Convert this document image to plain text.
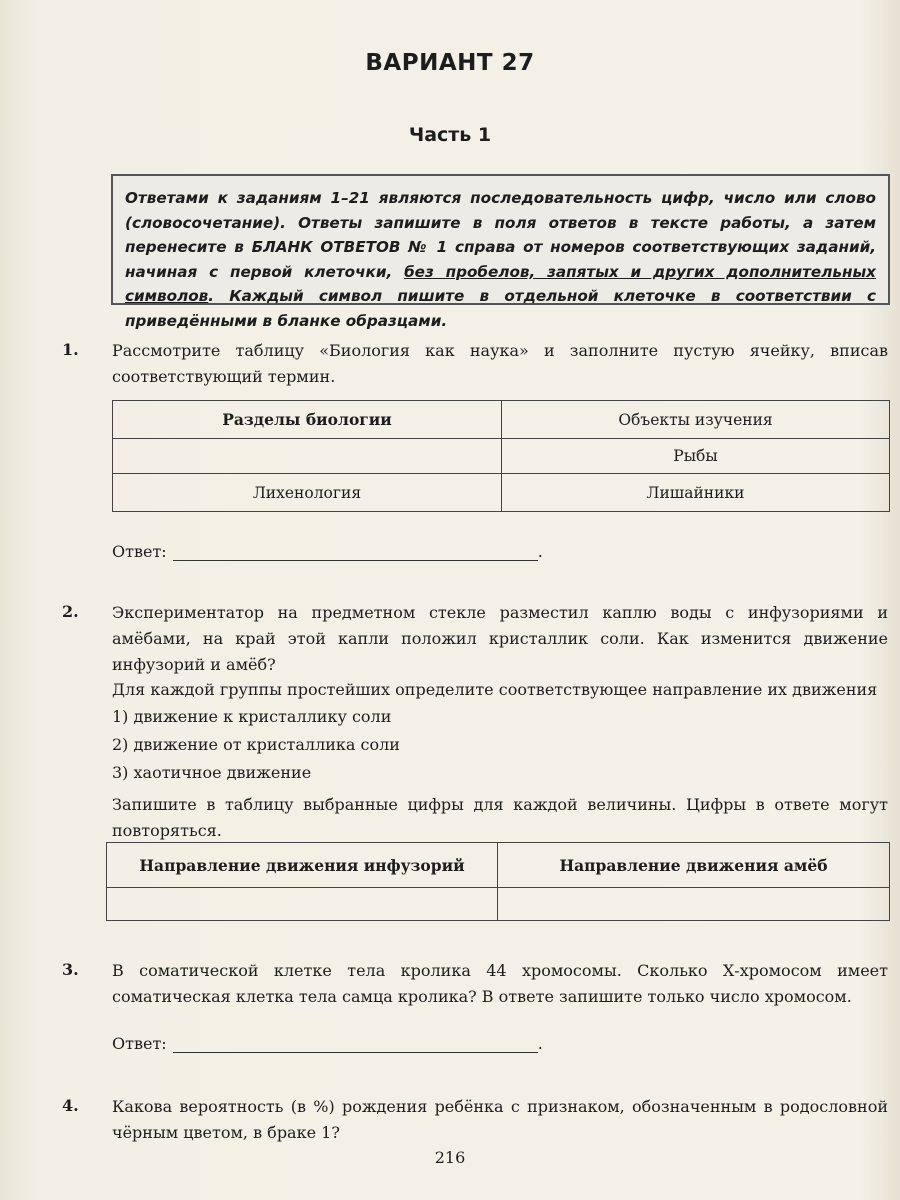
ВАРИАНТ 27
Часть 1
Ответами к заданиям 1–21 являются последовательность цифр, число или слово (словосочетание). Ответы запишите в поля ответов в тексте работы, а затем перенесите в БЛАНК ОТВЕТОВ № 1 справа от номеров соответствующих заданий, начиная с первой клеточки, без пробелов, запятых и других дополнительных символов. Каждый символ пишите в отдельной клеточке в соответствии с приведёнными в бланке образцами.
1. Рассмотрите таблицу «Биология как наука» и заполните пустую ячейку, вписав соответствующий термин.
Разделы биологии	Объекты изучения
	Рыбы
Лихенология	Лишайники
Ответ:	.
2. Экспериментатор на предметном стекле разместил каплю воды с инфузориями и амёбами, на край этой капли положил кристаллик соли. Как изменится движение инфузорий и амёб?
Для каждой группы простейших определите соответствующее направление их движения
1) движение к кристаллику соли
2) движение от кристаллика соли
3) хаотичное движение
Запишите в таблицу выбранные цифры для каждой величины. Цифры в ответе могут повторяться.
Направление движения инфузорий	Направление движения амёб

3. В соматической клетке тела кролика 44 хромосомы. Сколько Х-хромосом имеет соматическая клетка тела самца кролика? В ответе запишите только число хромосом.
Ответ:	.
4. Какова вероятность (в %) рождения ребёнка с признаком, обозначенным в родословной чёрным цветом, в браке 1?
216
